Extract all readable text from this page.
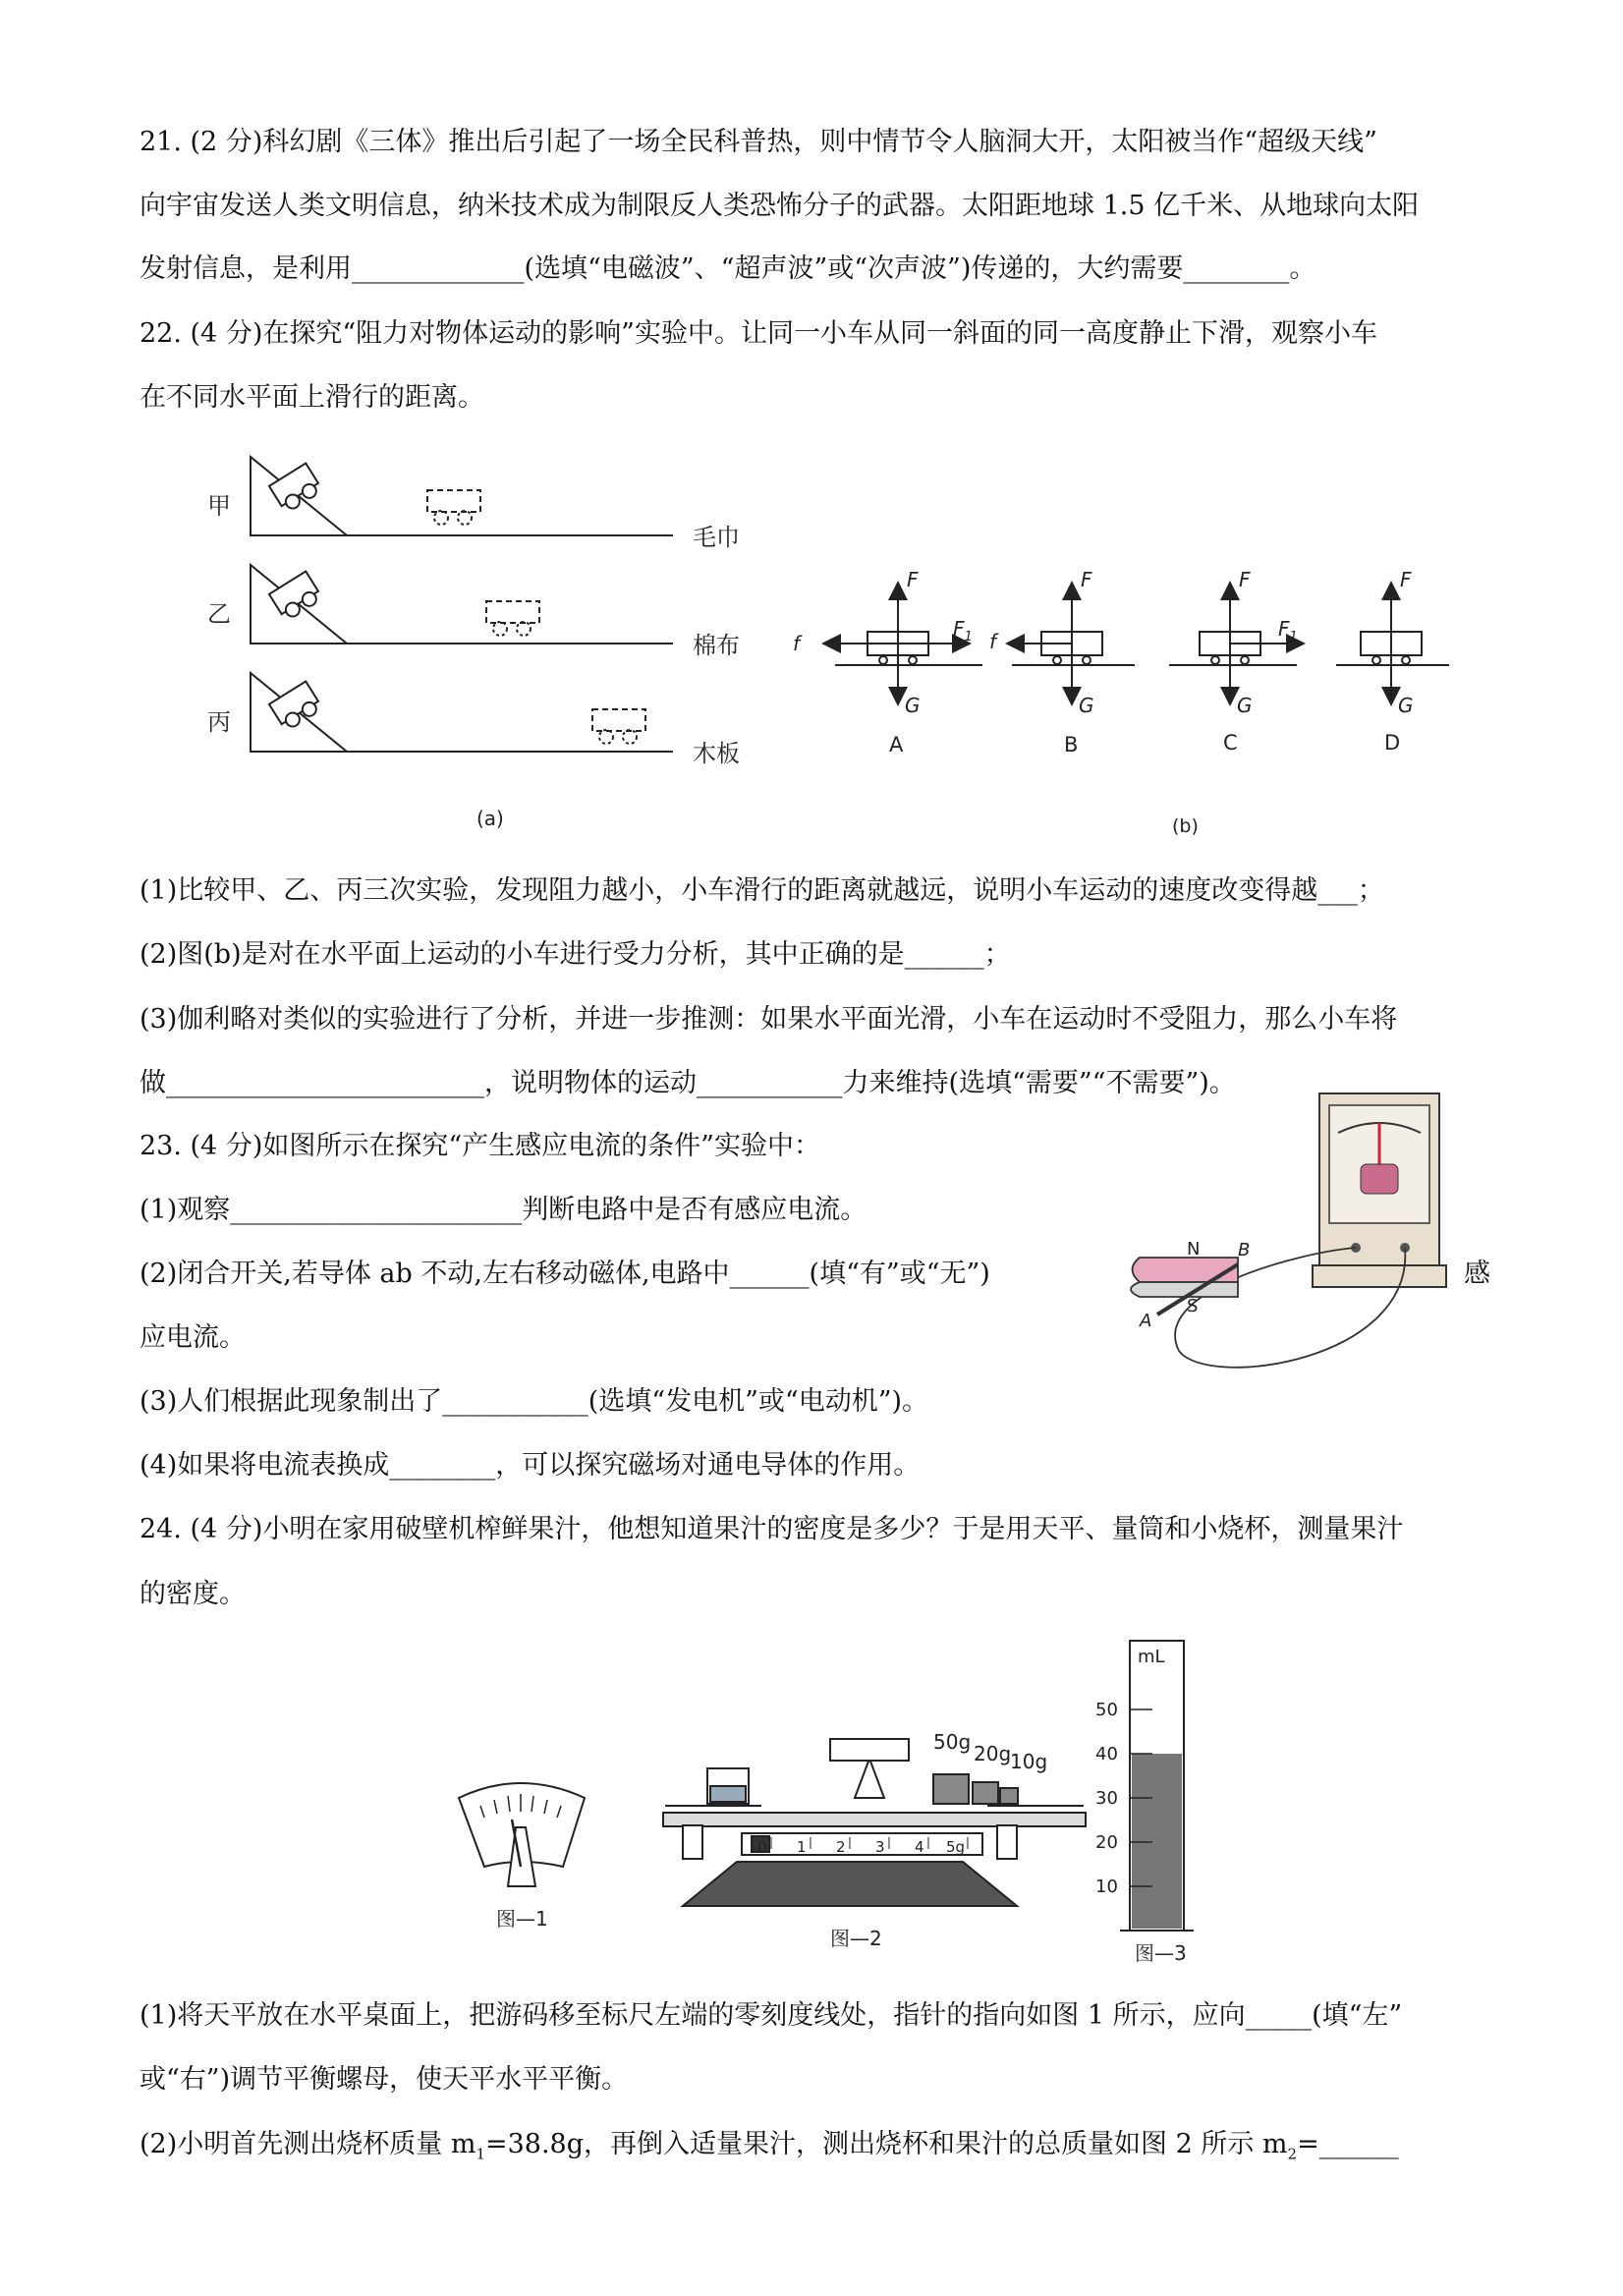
21. (2 分)科幻剧《三体》推出后引起了一场全民科普热，则中情节令人脑洞大开，太阳被当作“超级天线”
向宇宙发送人类文明信息，纳米技术成为制限反人类恐怖分子的武器。太阳距地球 1.5 亿千米、从地球向太阳
发射信息，是利用_____________(选填“电磁波”、“超声波”或“次声波”)传递的，大约需要________。
22. (4 分)在探究“阻力对物体运动的影响”实验中。让同一小车从同一斜面的同一高度静止下滑，观察小车
在不同水平面上滑行的距离。
甲
乙
丙
毛巾
棉布
木板
(a)
F
G
f
$F_1$
F
G
f
F
G
$F_1$
F
G
A	B	C	D
(b)
(1)比较甲、乙、丙三次实验，发现阻力越小，小车滑行的距离就越远，说明小车运动的速度改变得越___；
(2)图(b)是对在水平面上运动的小车进行受力分析，其中正确的是______；
(3)伽利略对类似的实验进行了分析，并进一步推测：如果水平面光滑，小车在运动时不受阻力，那么小车将
做________________________，说明物体的运动___________力来维持(选填“需要”“不需要”)。
23. (4 分)如图所示在探究“产生感应电流的条件”实验中：
(1)观察______________________判断电路中是否有感应电流。
(2)闭合开关,若导体 ab 不动,左右移动磁体,电路中______(填“有”或“无”)	感
应电流。
N
S
A
B
(3)人们根据此现象制出了___________(选填“发电机”或“电动机”)。
(4)如果将电流表换成________，可以探究磁场对通电导体的作用。
24. (4 分)小明在家用破壁机榨鲜果汁，他想知道果汁的密度是多少？于是用天平、量筒和小烧杯，测量果汁
的密度。
图—1
0 1 2 3 4 5g
50g 20g
10g
图—2
mL
50
40
30
20
10
图—3
(1)将天平放在水平桌面上，把游码移至标尺左端的零刻度线处，指针的指向如图 1 所示，应向_____(填“左”
或“右”)调节平衡螺母，使天平水平平衡。
(2)小明首先测出烧杯质量 $m_1=38.8g$，再倒入适量果汁，测出烧杯和果汁的总质量如图 2 所示 $m_2=\_\_\_\_\_\_$
